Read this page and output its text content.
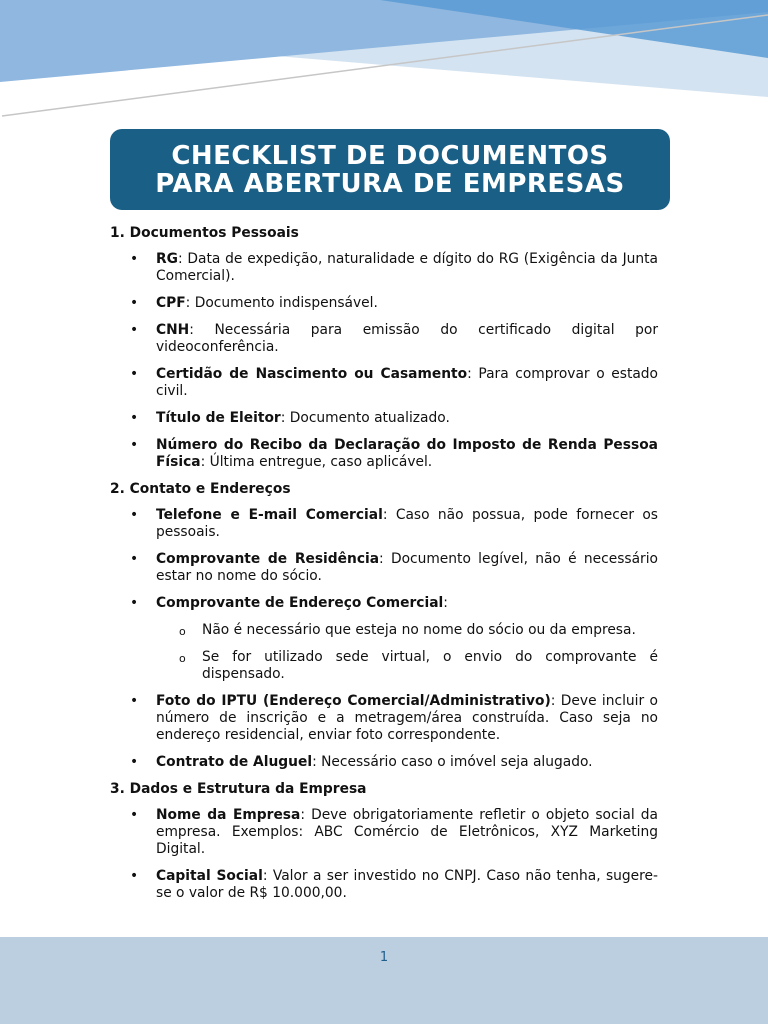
CHECKLIST DE DOCUMENTOS
PARA ABERTURA DE EMPRESAS
1. Documentos Pessoais
• RG: Data de expedição, naturalidade e dígito do RG (Exigência da Junta Comercial).
• CPF: Documento indispensável.
• CNH: Necessária para emissão do certificado digital por videoconferência.
• Certidão de Nascimento ou Casamento: Para comprovar o estado civil.
• Título de Eleitor: Documento atualizado.
• Número do Recibo da Declaração do Imposto de Renda Pessoa Física: Última entregue, caso aplicável.
2. Contato e Endereços
• Telefone e E-mail Comercial: Caso não possua, pode fornecer os pessoais.
• Comprovante de Residência: Documento legível, não é necessário estar no nome do sócio.
• Comprovante de Endereço Comercial:
o Não é necessário que esteja no nome do sócio ou da empresa.
o Se for utilizado sede virtual, o envio do comprovante é dispensado.
• Foto do IPTU (Endereço Comercial/Administrativo): Deve incluir o número de inscrição e a metragem/área construída. Caso seja no endereço residencial, enviar foto correspondente.
• Contrato de Aluguel: Necessário caso o imóvel seja alugado.
3. Dados e Estrutura da Empresa
• Nome da Empresa: Deve obrigatoriamente refletir o objeto social da empresa. Exemplos: ABC Comércio de Eletrônicos, XYZ Marketing Digital.
• Capital Social: Valor a ser investido no CNPJ. Caso não tenha, sugere-se o valor de R$ 10.000,00.
1
